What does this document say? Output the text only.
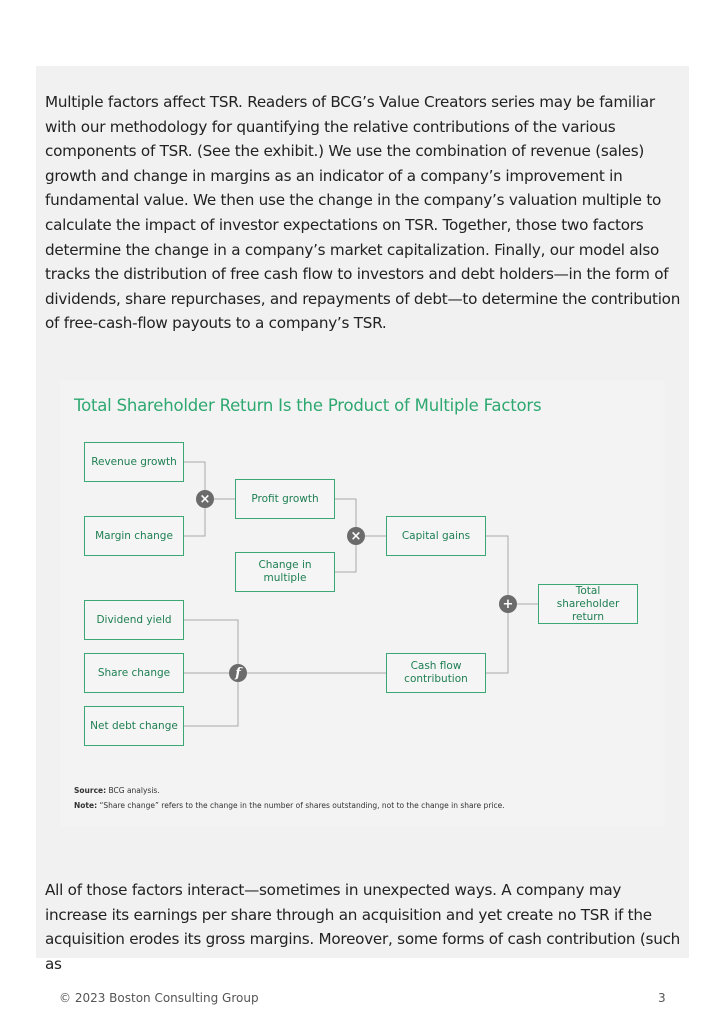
Multiple factors affect TSR. Readers of BCG’s Value Creators series may be familiar with our methodology for quantifying the relative contributions of the various components of TSR. (See the exhibit.) We use the combination of revenue (sales) growth and change in margins as an indicator of a company’s improvement in fundamental value. We then use the change in the company’s valuation multiple to calculate the impact of investor expectations on TSR. Together, those two factors determine the change in a company’s market capitalization. Finally, our model also tracks the distribution of free cash flow to investors and debt holders—in the form of dividends, share repurchases, and repayments of debt—to determine the contribution of free-cash-flow payouts to a company’s TSR.

Total Shareholder Return Is the Product of Multiple Factors
Revenue growth
Margin change
Profit growth
Change in multiple
Capital gains
Total shareholder return
Dividend yield
Share change
Net debt change
Cash flow contribution
×
×
+
f
Source: BCG analysis.
Note: “Share change” refers to the change in the number of shares outstanding, not to the change in share price.

All of those factors interact—sometimes in unexpected ways. A company may increase its earnings per share through an acquisition and yet create no TSR if the acquisition erodes its gross margins. Moreover, some forms of cash contribution (such as

© 2023 Boston Consulting Group	3
